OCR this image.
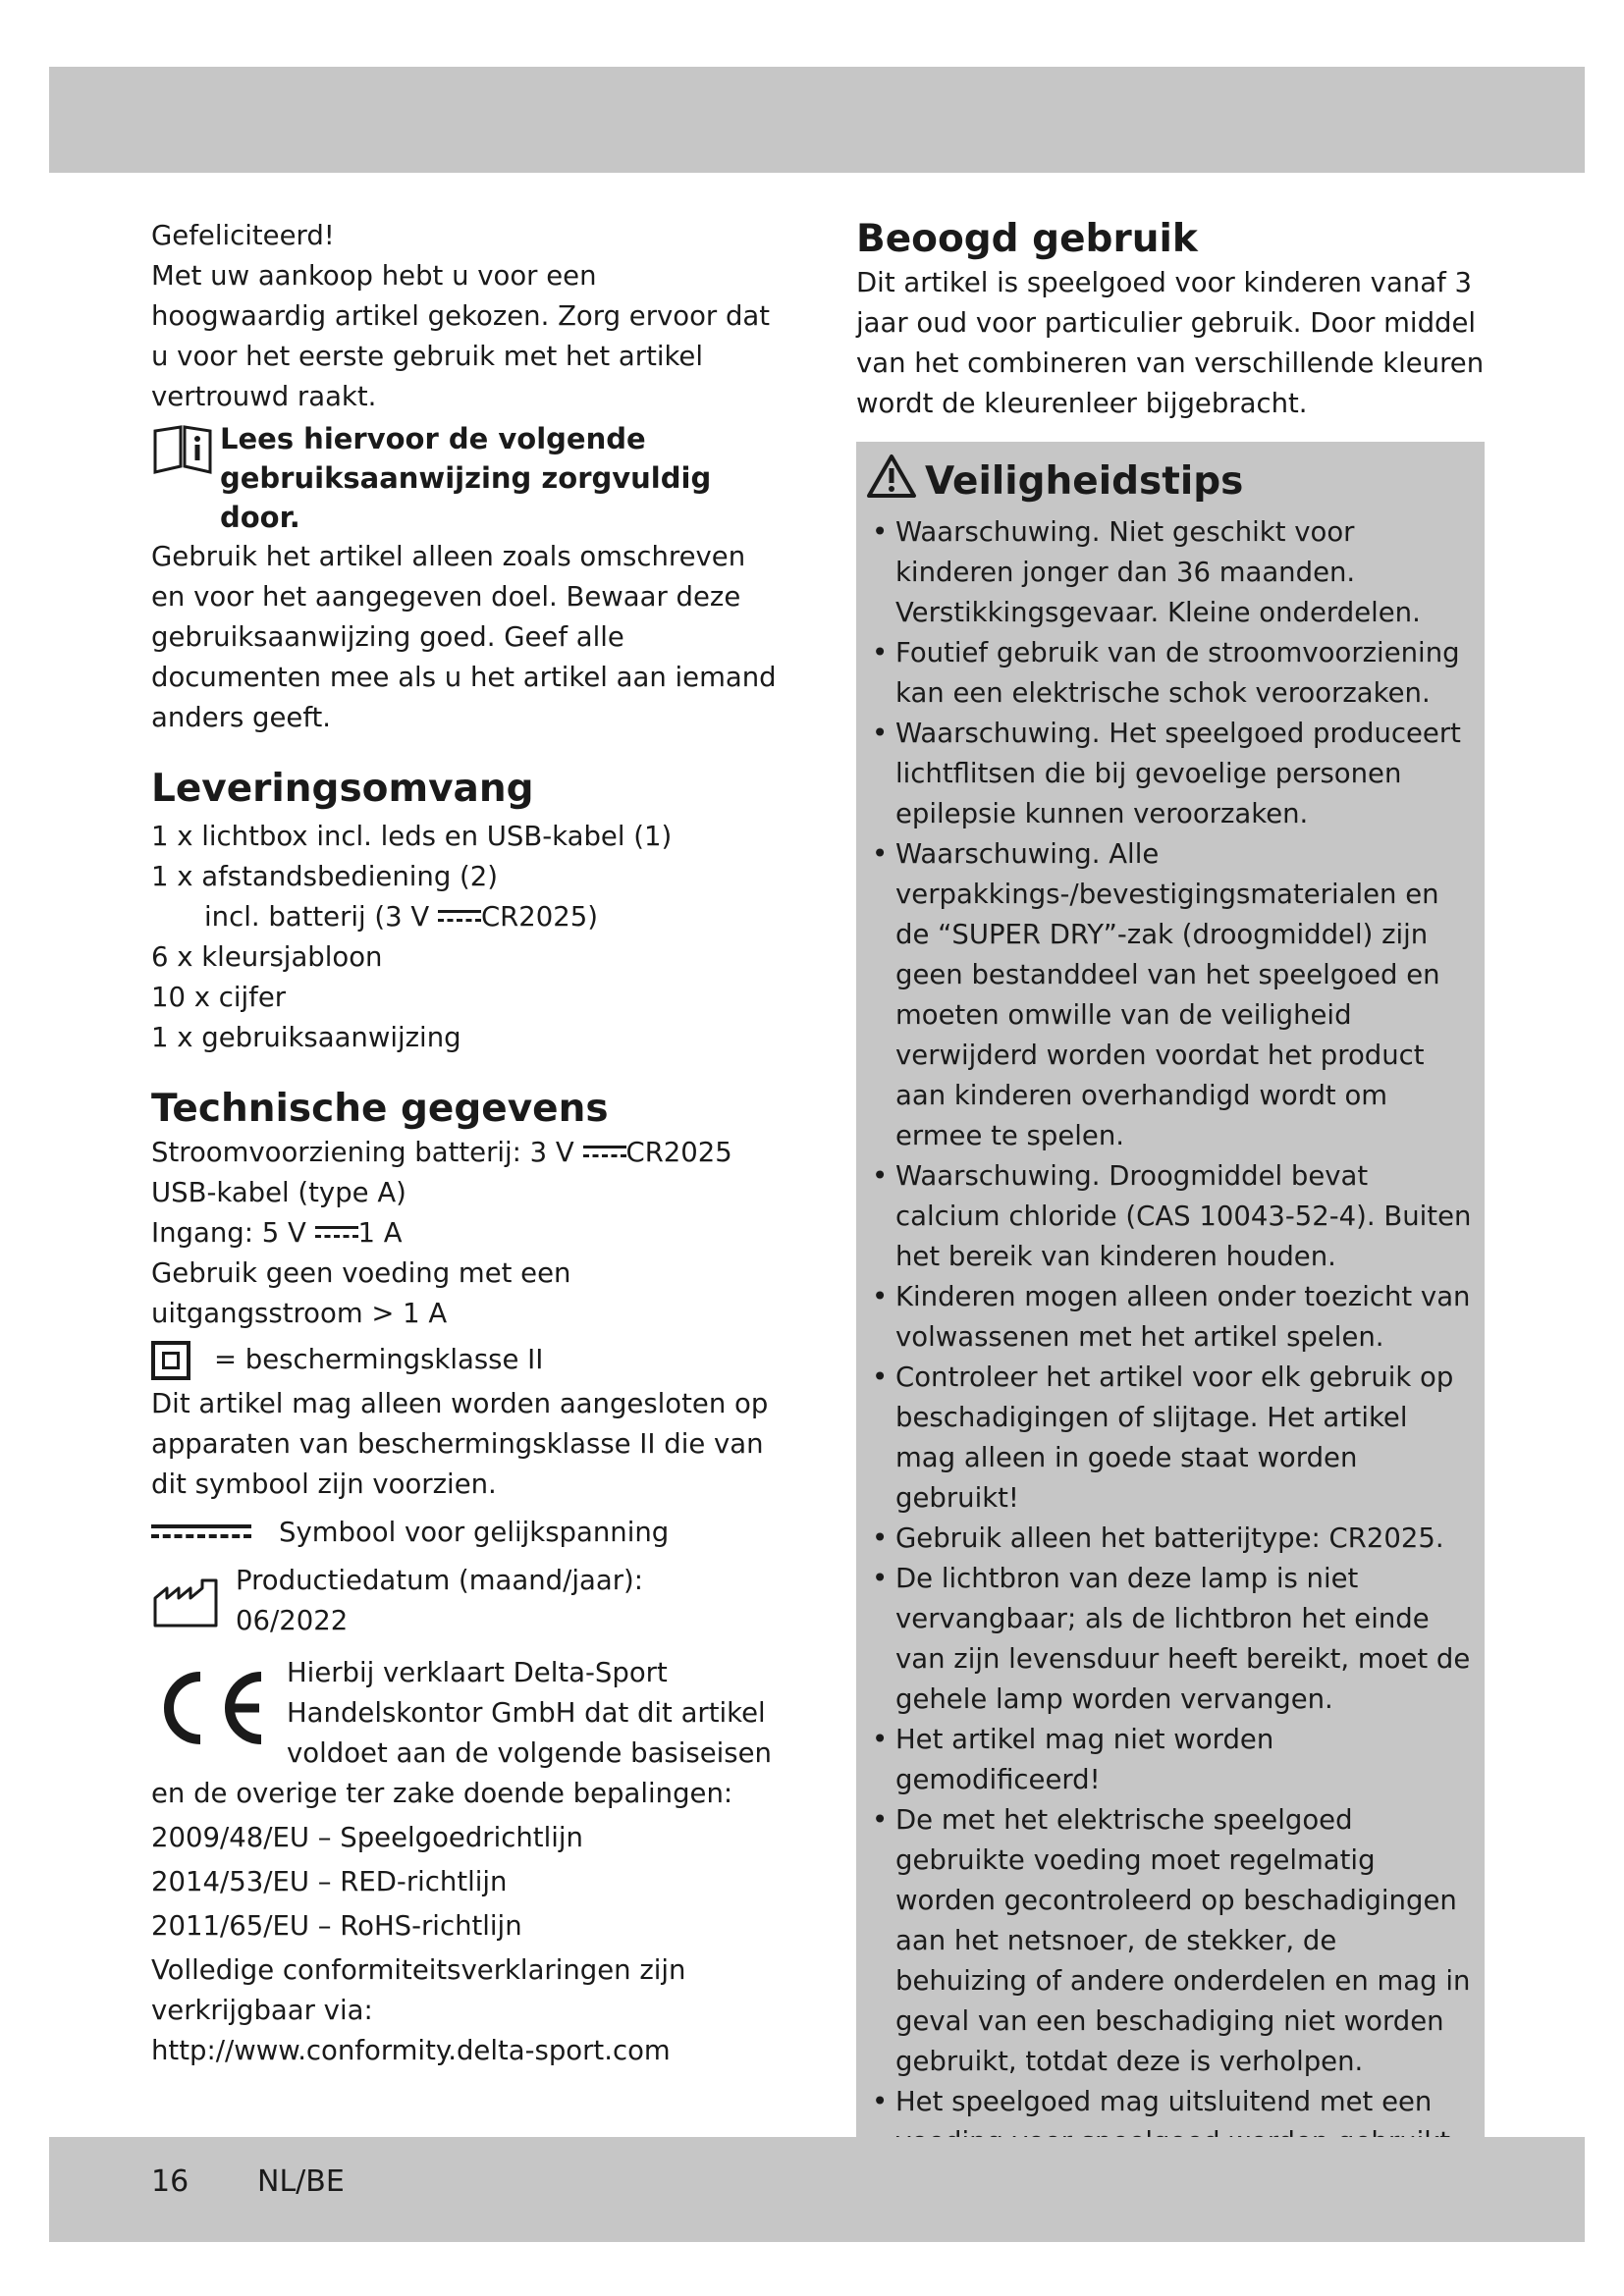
Gefeliciteerd!

Met uw aankoop hebt u voor een hoogwaardig artikel gekozen. Zorg ervoor dat u voor het eerste gebruik met het artikel vertrouwd raakt.

Lees hiervoor de volgende gebruiksaanwijzing zorgvuldig door.

Gebruik het artikel alleen zoals omschreven en voor het aangegeven doel. Bewaar deze gebruiksaanwijzing goed. Geef alle documenten mee als u het artikel aan iemand anders geeft.

Leveringsomvang

1 x lichtbox incl. leds en USB-kabel (1)

1 x afstandsbediening (2)

incl. batterij (3 V CR2025)

6 x kleursjabloon

10 x cijfer

1 x gebruiksaanwijzing

Technische gegevens

Stroomvoorziening batterij: 3 V CR2025

USB-kabel (type A)

Ingang: 5 V 1 A

Gebruik geen voeding met een uitgangsstroom > 1 A

= beschermingsklasse II

Dit artikel mag alleen worden aangesloten op apparaten van beschermingsklasse II die van dit symbool zijn voorzien.

Symbool voor gelijkspanning

Productiedatum (maand/jaar):

06/2022

Hierbij verklaart Delta-Sport Handelskontor GmbH dat dit artikel voldoet aan de volgende basiseisen

en de overige ter zake doende bepalingen:

2009/48/EU – Speelgoedrichtlijn

2014/53/EU – RED-richtlijn

2011/65/EU – RoHS-richtlijn

Volledige conformiteitsverklaringen zijn verkrijgbaar via:

http://www.conformity.delta-sport.com

Beoogd gebruik

Dit artikel is speelgoed voor kinderen vanaf 3 jaar oud voor particulier gebruik. Door middel van het combineren van verschillende kleuren wordt de kleurenleer bijgebracht.

Veiligheidstips

• Waarschuwing. Niet geschikt voor kinderen jonger dan 36 maanden. Verstikkingsgevaar. Kleine onderdelen.
• Foutief gebruik van de stroomvoorziening kan een elektrische schok veroorzaken.
• Waarschuwing. Het speelgoed produceert lichtflitsen die bij gevoelige personen epilepsie kunnen veroorzaken.
• Waarschuwing. Alle verpakkings-/bevestigingsmaterialen en de “SUPER DRY”-zak (droogmiddel) zijn geen bestanddeel van het speelgoed en moeten omwille van de veiligheid verwijderd worden voordat het product aan kinderen overhandigd wordt om ermee te spelen.
• Waarschuwing. Droogmiddel bevat calcium chloride (CAS 10043-52-4). Buiten het bereik van kinderen houden.
• Kinderen mogen alleen onder toezicht van volwassenen met het artikel spelen.
• Controleer het artikel voor elk gebruik op beschadigingen of slijtage. Het artikel mag alleen in goede staat worden gebruikt!
• Gebruik alleen het batterijtype: CR2025.
• De lichtbron van deze lamp is niet vervangbaar; als de lichtbron het einde van zijn levensduur heeft bereikt, moet de gehele lamp worden vervangen.
• Het artikel mag niet worden gemodificeerd!
• De met het elektrische speelgoed gebruikte voeding moet regelmatig worden gecontroleerd op beschadigingen aan het netsnoer, de stekker, de behuizing of andere onderdelen en mag in geval van een beschadiging niet worden gebruikt, totdat deze is verholpen.
• Het speelgoed mag uitsluitend met een
16 NL/BE
